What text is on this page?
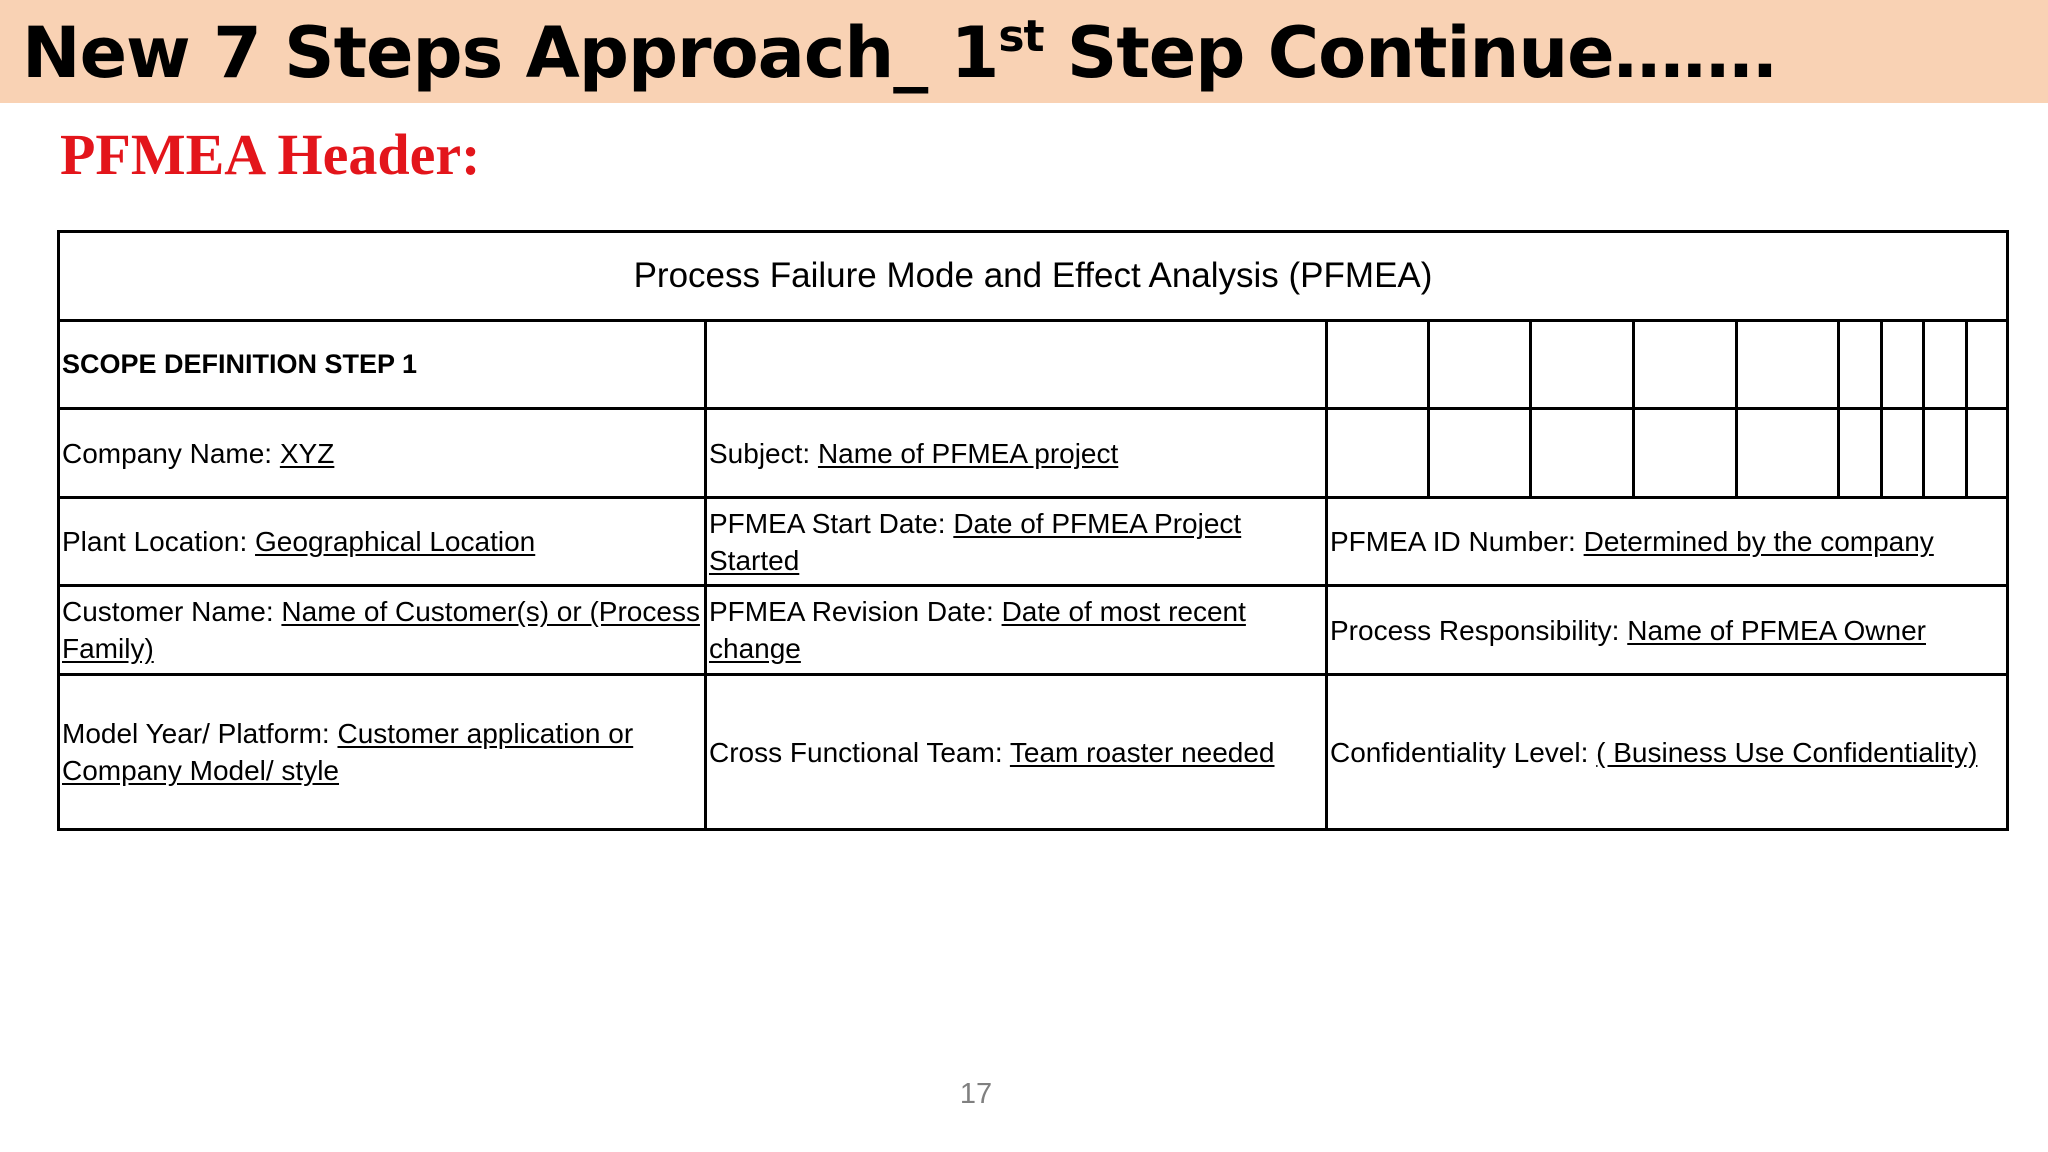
New 7 Steps Approach_ 1st Step Continue…….
PFMEA Header:
Process Failure Mode and Effect Analysis (PFMEA)
SCOPE DEFINITION STEP 1
Company Name: XYZ	Subject: Name of PFMEA project
Plant Location: Geographical Location
PFMEA Start Date: Date of PFMEA Project Started
PFMEA ID Number: Determined by the company
Customer Name: Name of Customer(s) or (Process Family)
PFMEA Revision Date: Date of most recent change
Process Responsibility: Name of PFMEA Owner
Model Year/ Platform: Customer application or Company Model/ style
Cross Functional Team: Team roaster needed Confidentiality Level: ( Business Use Confidentiality)
17
